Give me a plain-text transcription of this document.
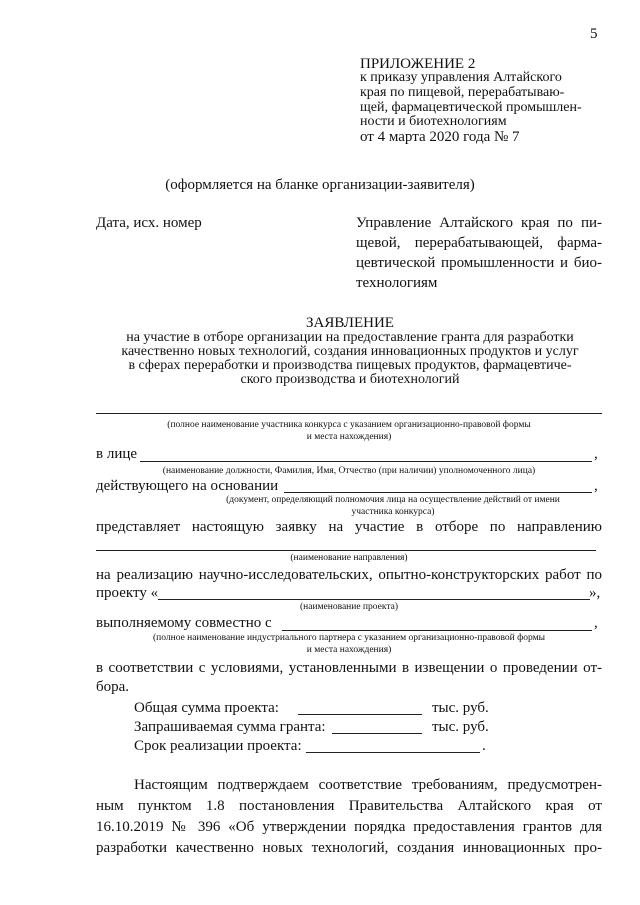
5
ПРИЛОЖЕНИЕ 2
к приказу управления Алтайского
края по пищевой, перерабатываю-
щей, фармацевтической промышлен-
ности и биотехнологиям
от 4 марта 2020 года № 7
(оформляется на бланке организации-заявителя)
Дата, исх. номер	Управление Алтайского края по пи-
щевой, перерабатывающей, фарма-
цевтической промышленности и био-
технологиям
ЗАЯВЛЕНИЕ
на участие в отборе организации на предоставление гранта для разработки
качественно новых технологий, создания инновационных продуктов и услуг
в сферах переработки и производства пищевых продуктов, фармацевтиче-
ского производства и биотехнологий
(полное наименование участника конкурса с указанием организационно-правовой формы
и места нахождения)
в лице	,
(наименование должности, Фамилия, Имя, Отчество (при наличии) уполномоченного лица)
действующего на основании	,
(документ, определяющий полномочия лица на осуществление действий от имени
участника конкурса)
представляет настоящую заявку на участие в отборе по направлению
(наименование направления)
на реализацию научно-исследовательских, опытно-конструкторских работ по
проекту «	»,
(наименование проекта)
выполняемому совместно с	,
(полное наименование индустриального партнера с указанием организационно-правовой формы
и места нахождения)
в соответствии с условиями, установленными в извещении о проведении от-
бора.
Общая сумма проекта:	тыс. руб.
Запрашиваемая сумма гранта:	тыс. руб.
Срок реализации проекта:	.
Настоящим подтверждаем соответствие требованиям, предусмотрен-
ным пунктом 1.8 постановления Правительства Алтайского края от
16.10.2019 № 396 «Об утверждении порядка предоставления грантов для
разработки качественно новых технологий, создания инновационных про-
